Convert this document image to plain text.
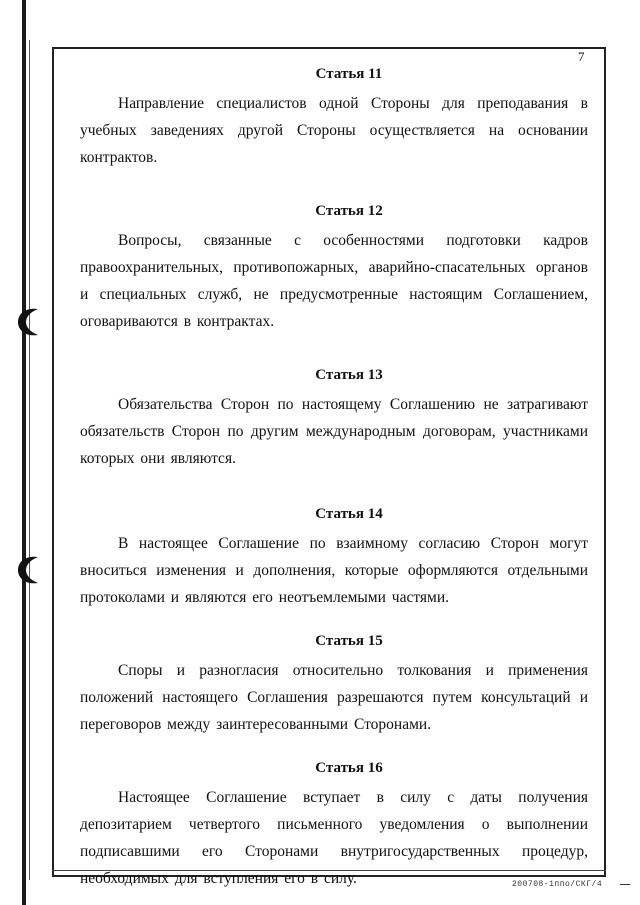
7
Статья 11

Направление специалистов одной Стороны для преподавания в учебных заведениях другой Стороны осуществляется на основании контрактов.

Статья 12

Вопросы, связанные с особенностями подготовки кадров правоохранительных, противопожарных, аварийно-спасательных органов и специальных служб, не предусмотренные настоящим Соглашением, оговариваются в контрактах.

Статья 13

Обязательства Сторон по настоящему Соглашению не затрагивают обязательств Сторон по другим международным договорам, участниками которых они являются.

Статья 14

В настоящее Соглашение по взаимному согласию Сторон могут вноситься изменения и дополнения, которые оформляются отдельными протоколами и являются его неотъемлемыми частями.

Статья 15

Споры и разногласия относительно толкования и применения положений настоящего Соглашения разрешаются путем консультаций и переговоров между заинтересованными Сторонами.

Статья 16

Настоящее Соглашение вступает в силу с даты получения депозитарием четвертого письменного уведомления о выполнении подписавшими его Сторонами внутригосударственных процедур, необходимых для вступления его в силу.	200708-1ппо/СКГ/4
